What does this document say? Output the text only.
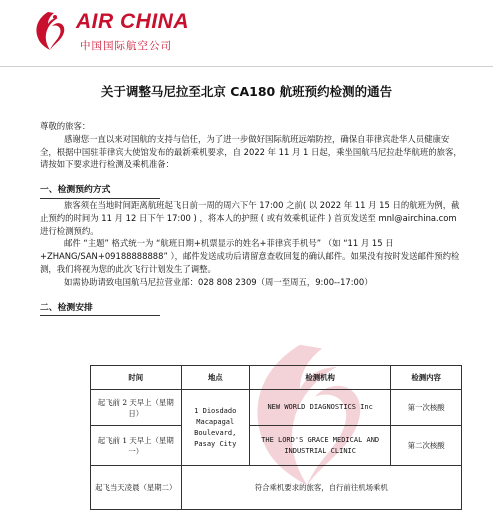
AIR CHINA
中国国际航空公司
关于调整马尼拉至北京 CA180 航班预约检测的通告

尊敬的旅客：

感谢您一直以来对国航的支持与信任，为了进一步做好国际航班远端防控，确保自菲律宾赴华人员健康安全，根据中国驻菲律宾大使馆发布的最新乘机要求，自 2022 年 11 月 1 日起，乘坐国航马尼拉赴华航班的旅客，请按如下要求进行检测及乘机准备：

一、检测预约方式

旅客须在当地时间距离航班起飞日前一周的周六下午 17:00 之前( 以 2022 年 11 月 15 日的航班为例，截止预约的时间为 11 月 12 日下午 17:00 ) ，将本人的护照 ( 或有效乘机证件 ) 首页发送至 mnl@airchina.com 进行检测预约。

邮件 “主题” 格式统一为 “航班日期+机票显示的姓名+菲律宾手机号” （如 “11 月 15 日 +ZHANG/SAN+09188888888” ），邮件发送成功后请留意查收回复的确认邮件。如果没有按时发送邮件预约检测，我们将视为您的此次飞行计划发生了调整。

如需协助请致电国航马尼拉营业部：028 808 2309（周一至周五，9:00--17:00）

二、检测安排

时间	地点	检测机构	检测内容
起飞前 2 天早上（星期日）	1 Diosdado Macapagal Boulevard, Pasay City	NEW WORLD DIAGNOSTICS Inc	第一次核酸
起飞前 1 天早上（星期一）		THE LORD'S GRACE MEDICAL AND INDUSTRIAL CLINIC	第二次核酸
起飞当天凌晨（星期二）	符合乘机要求的旅客，自行前往机场乘机		
